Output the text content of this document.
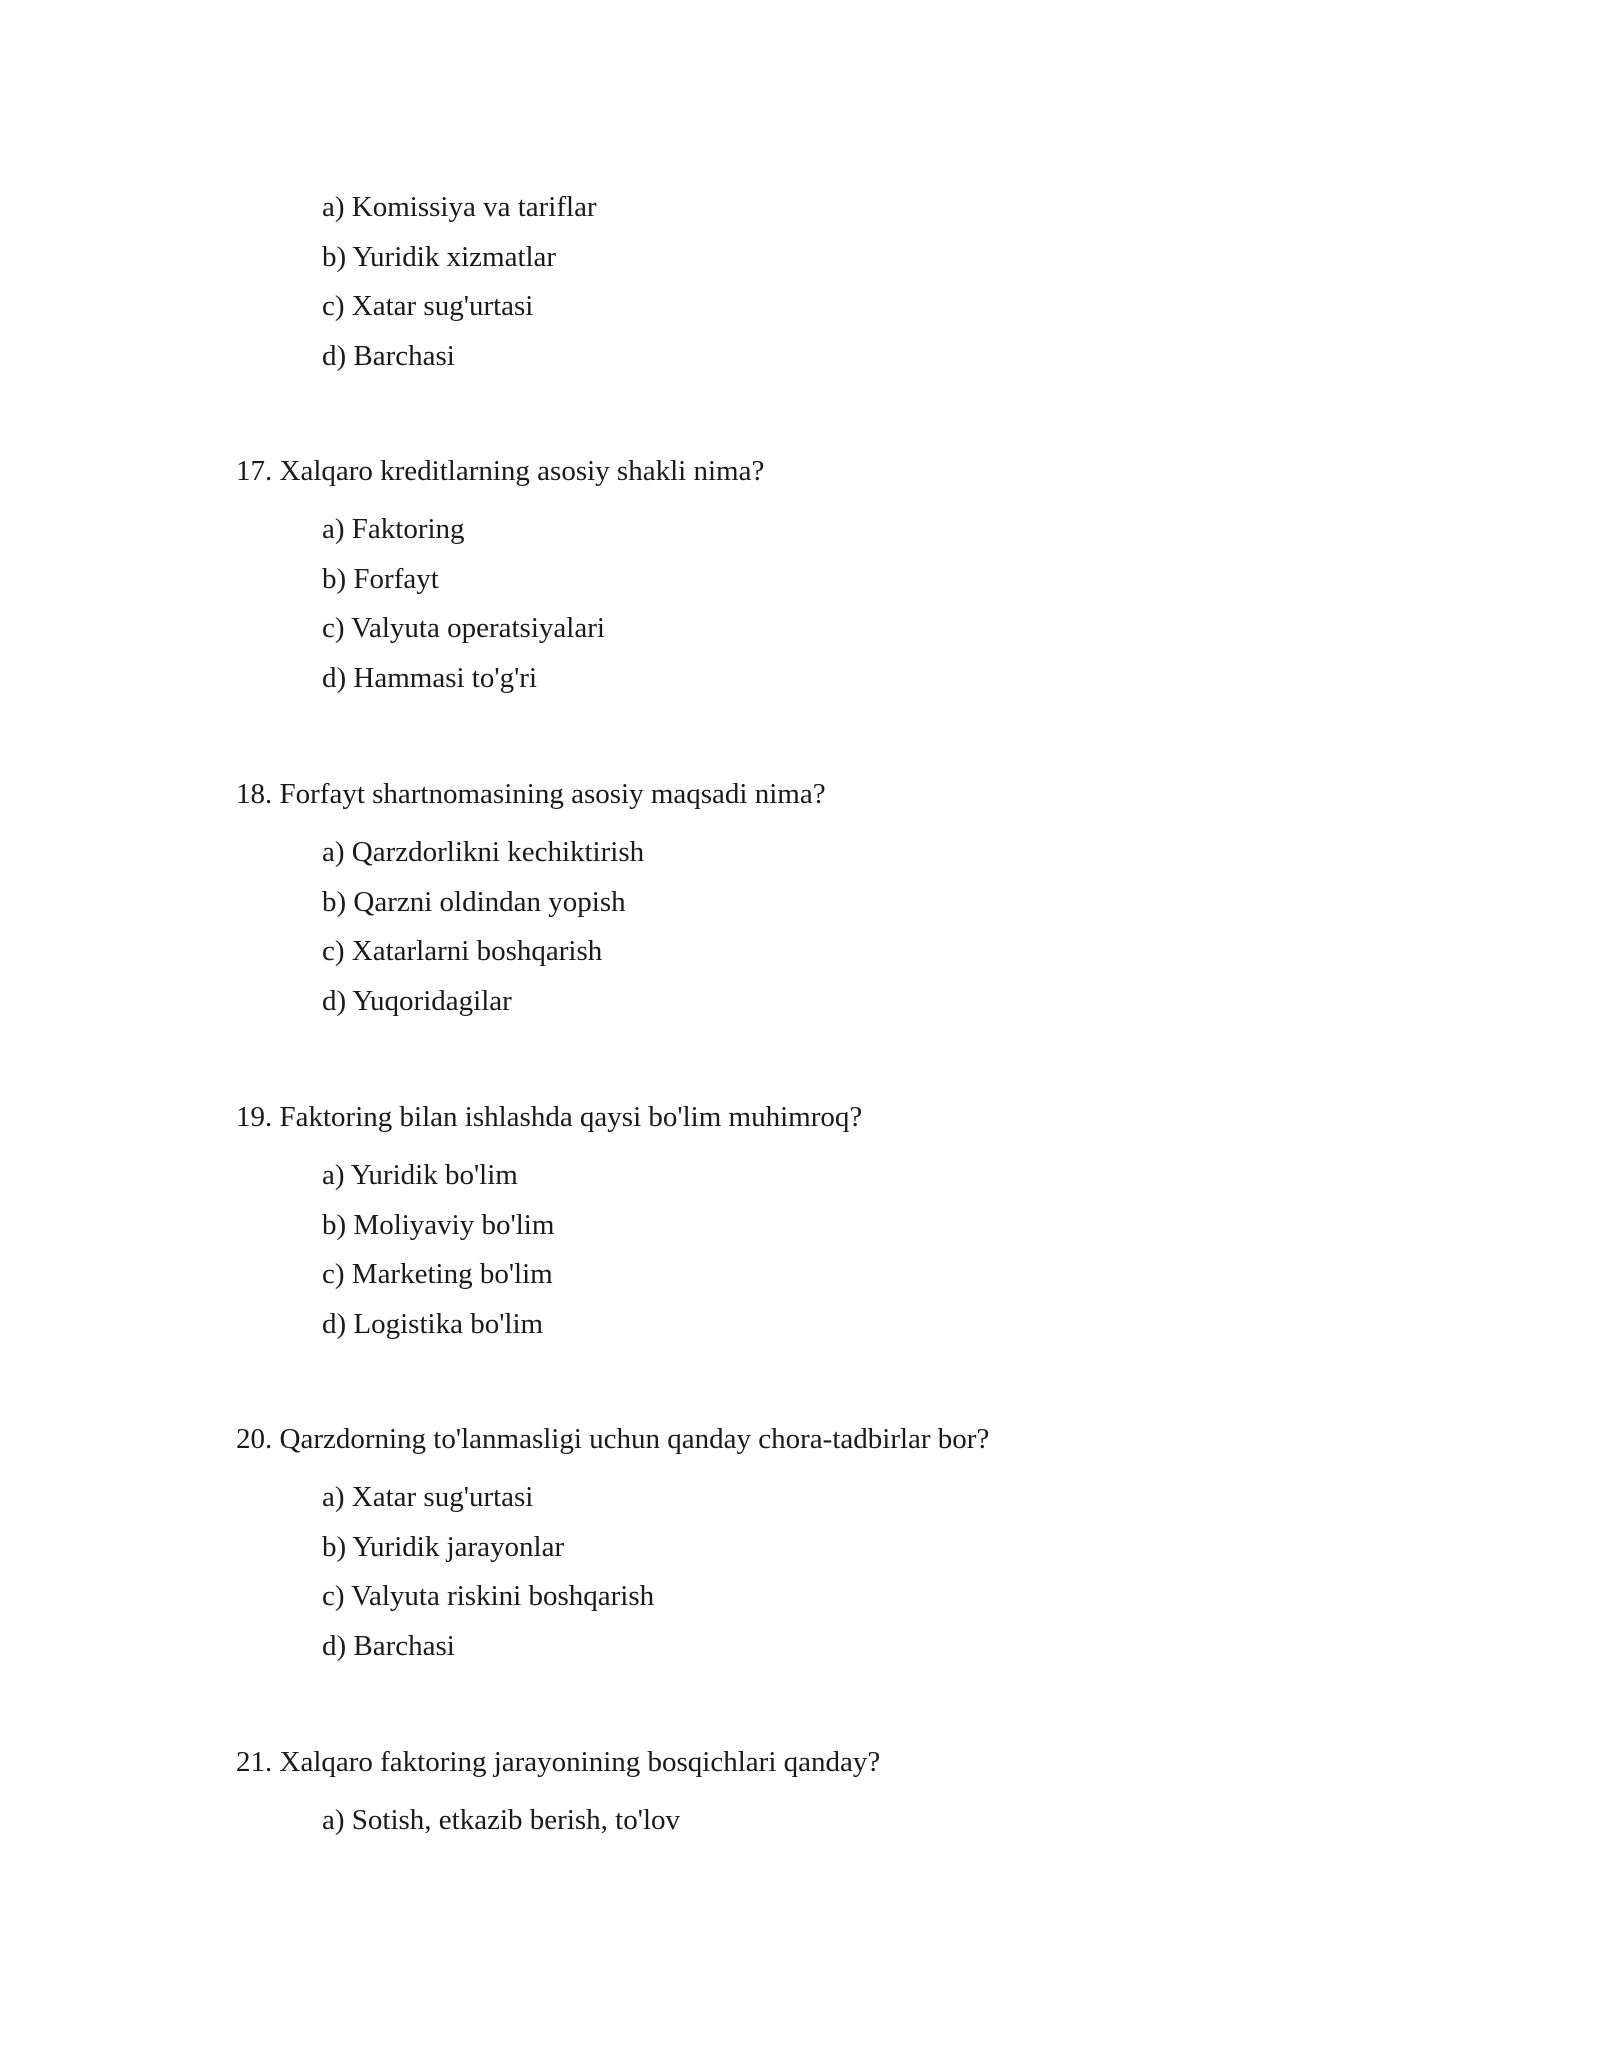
a) Komissiya va tariflar
b) Yuridik xizmatlar
c) Xatar sug'urtasi
d) Barchasi

17. Xalqaro kreditlarning asosiy shakli nima?

a) Faktoring
b) Forfayt
c) Valyuta operatsiyalari
d) Hammasi to'g'ri

18. Forfayt shartnomasining asosiy maqsadi nima?

a) Qarzdorlikni kechiktirish
b) Qarzni oldindan yopish
c) Xatarlarni boshqarish
d) Yuqoridagilar

19. Faktoring bilan ishlashda qaysi bo'lim muhimroq?

a) Yuridik bo'lim
b) Moliyaviy bo'lim
c) Marketing bo'lim
d) Logistika bo'lim

20. Qarzdorning to'lanmasligi uchun qanday chora-tadbirlar bor?

a) Xatar sug'urtasi
b) Yuridik jarayonlar
c) Valyuta riskini boshqarish
d) Barchasi

21. Xalqaro faktoring jarayonining bosqichlari qanday?

a) Sotish, etkazib berish, to'lov
